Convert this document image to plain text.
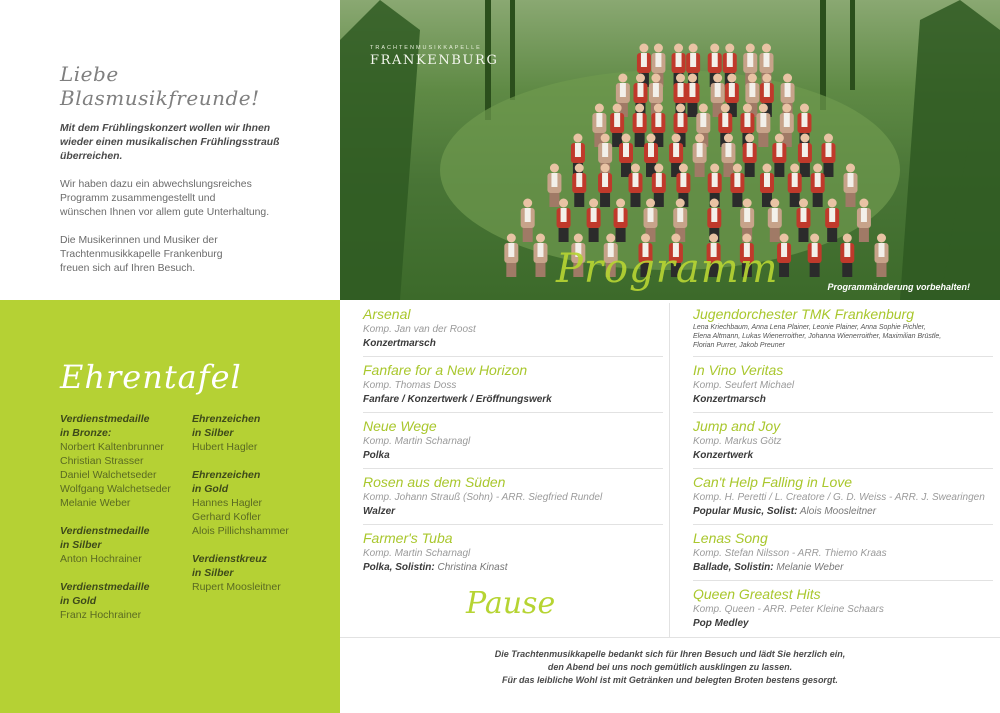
Liebe Blasmusikfreunde!

Mit dem Frühlingskonzert wollen wir Ihnen
wieder einen musikalischen Frühlingsstrauß
überreichen.

Wir haben dazu ein abwechslungsreiches
Programm zusammengestellt und
wünschen Ihnen vor allem gute Unterhaltung.

Die Musikerinnen und Musiker der
Trachtenmusikkapelle Frankenburg
freuen sich auf Ihren Besuch.

TRACHTENMUSIKKAPELLE
FRANKENBURG
Programmänderung vorbehalten!
Programm
Ehrentafel
Verdienstmedaille
in Bronze:
Norbert Kaltenbrunner
Christian Strasser
Daniel Walchetseder
Wolfgang Walchetseder
Melanie Weber
Verdienstmedaille
in Silber
Anton Hochrainer
Verdienstmedaille
in Gold
Franz Hochrainer
Ehrenzeichen
in Silber
Hubert Hagler
Ehrenzeichen
in Gold
Hannes Hagler
Gerhard Kofler
Alois Pillichshammer
Verdienstkreuz
in Silber
Rupert Moosleitner
Arsenal
Komp. Jan van der Roost
Konzertmarsch
Fanfare for a New Horizon
Komp. Thomas Doss
Fanfare / Konzertwerk / Eröffnungswerk
Neue Wege
Komp. Martin Scharnagl
Polka
Rosen aus dem Süden
Komp. Johann Strauß (Sohn) - ARR. Siegfried Rundel
Walzer
Farmer's Tuba
Komp. Martin Scharnagl
Polka, Solistin: Christina Kinast
Pause
Jugendorchester TMK Frankenburg
Lena Kriechbaum, Anna Lena Plainer, Leonie Plainer, Anna Sophie Pichler,
Elena Altmann, Lukas Wienerroither, Johanna Wienerroither, Maximilian Brüstle,
Florian Purrer, Jakob Preuner
In Vino Veritas
Komp. Seufert Michael
Konzertmarsch
Jump and Joy
Komp. Markus Götz
Konzertwerk
Can't Help Falling in Love
Komp. H. Peretti / L. Creatore / G. D. Weiss - ARR. J. Swearingen
Popular Music, Solist: Alois Moosleitner
Lenas Song
Komp. Stefan Nilsson - ARR. Thiemo Kraas
Ballade, Solistin: Melanie Weber
Queen Greatest Hits
Komp. Queen - ARR. Peter Kleine Schaars
Pop Medley
Die Trachtenmusikkapelle bedankt sich für Ihren Besuch und lädt Sie herzlich ein,
den Abend bei uns noch gemütlich ausklingen zu lassen.
Für das leibliche Wohl ist mit Getränken und belegten Broten bestens gesorgt.
